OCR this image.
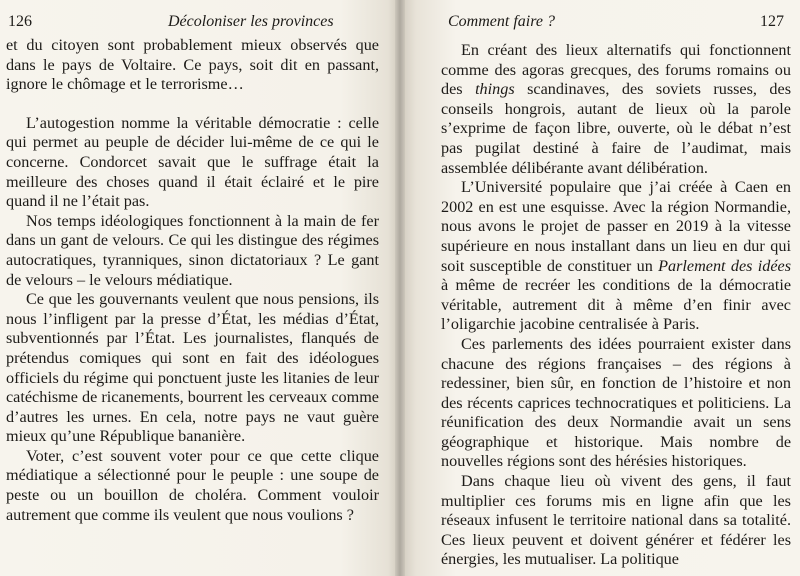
126	Décoloniser les provinces

et du citoyen sont probablement mieux observés que dans le pays de Voltaire. Ce pays, soit dit en passant, ignore le chômage et le terrorisme…

L’autogestion nomme la véritable démocratie : celle qui permet au peuple de décider lui-même de ce qui le concerne. Condorcet savait que le suffrage était la meilleure des choses quand il était éclairé et le pire quand il ne l’était pas.

Nos temps idéologiques fonctionnent à la main de fer dans un gant de velours. Ce qui les distingue des régimes autocratiques, tyranniques, sinon dictatoriaux ? Le gant de velours – le velours médiatique.

Ce que les gouvernants veulent que nous pensions, ils nous l’infligent par la presse d’État, les médias d’État, subventionnés par l’État. Les journalistes, flanqués de prétendus comiques qui sont en fait des idéologues officiels du régime qui ponctuent juste les litanies de leur catéchisme de ricanements, bourrent les cerveaux comme d’autres les urnes. En cela, notre pays ne vaut guère mieux qu’une République bananière.

Voter, c’est souvent voter pour ce que cette clique médiatique a sélectionné pour le peuple : une soupe de peste ou un bouillon de choléra. Comment vouloir autrement que comme ils veulent que nous voulions ?

Comment faire ?	127

En créant des lieux alternatifs qui fonctionnent comme des agoras grecques, des forums romains ou des things scandinaves, des soviets russes, des conseils hongrois, autant de lieux où la parole s’exprime de façon libre, ouverte, où le débat n’est pas pugilat destiné à faire de l’audimat, mais assemblée délibérante avant délibération.

L’Université populaire que j’ai créée à Caen en 2002 en est une esquisse. Avec la région Normandie, nous avons le projet de passer en 2019 à la vitesse supérieure en nous installant dans un lieu en dur qui soit susceptible de constituer un Parlement des idées à même de recréer les conditions de la démocratie véritable, autrement dit à même d’en finir avec l’oligarchie jacobine centralisée à Paris.

Ces parlements des idées pourraient exister dans chacune des régions françaises – des régions à redessiner, bien sûr, en fonction de l’histoire et non des récents caprices technocratiques et politiciens. La réunification des deux Normandie avait un sens géographique et historique. Mais nombre de nouvelles régions sont des hérésies historiques.

Dans chaque lieu où vivent des gens, il faut multiplier ces forums mis en ligne afin que les réseaux infusent le territoire national dans sa totalité. Ces lieux peuvent et doivent générer et fédérer les énergies, les mutualiser. La politique
